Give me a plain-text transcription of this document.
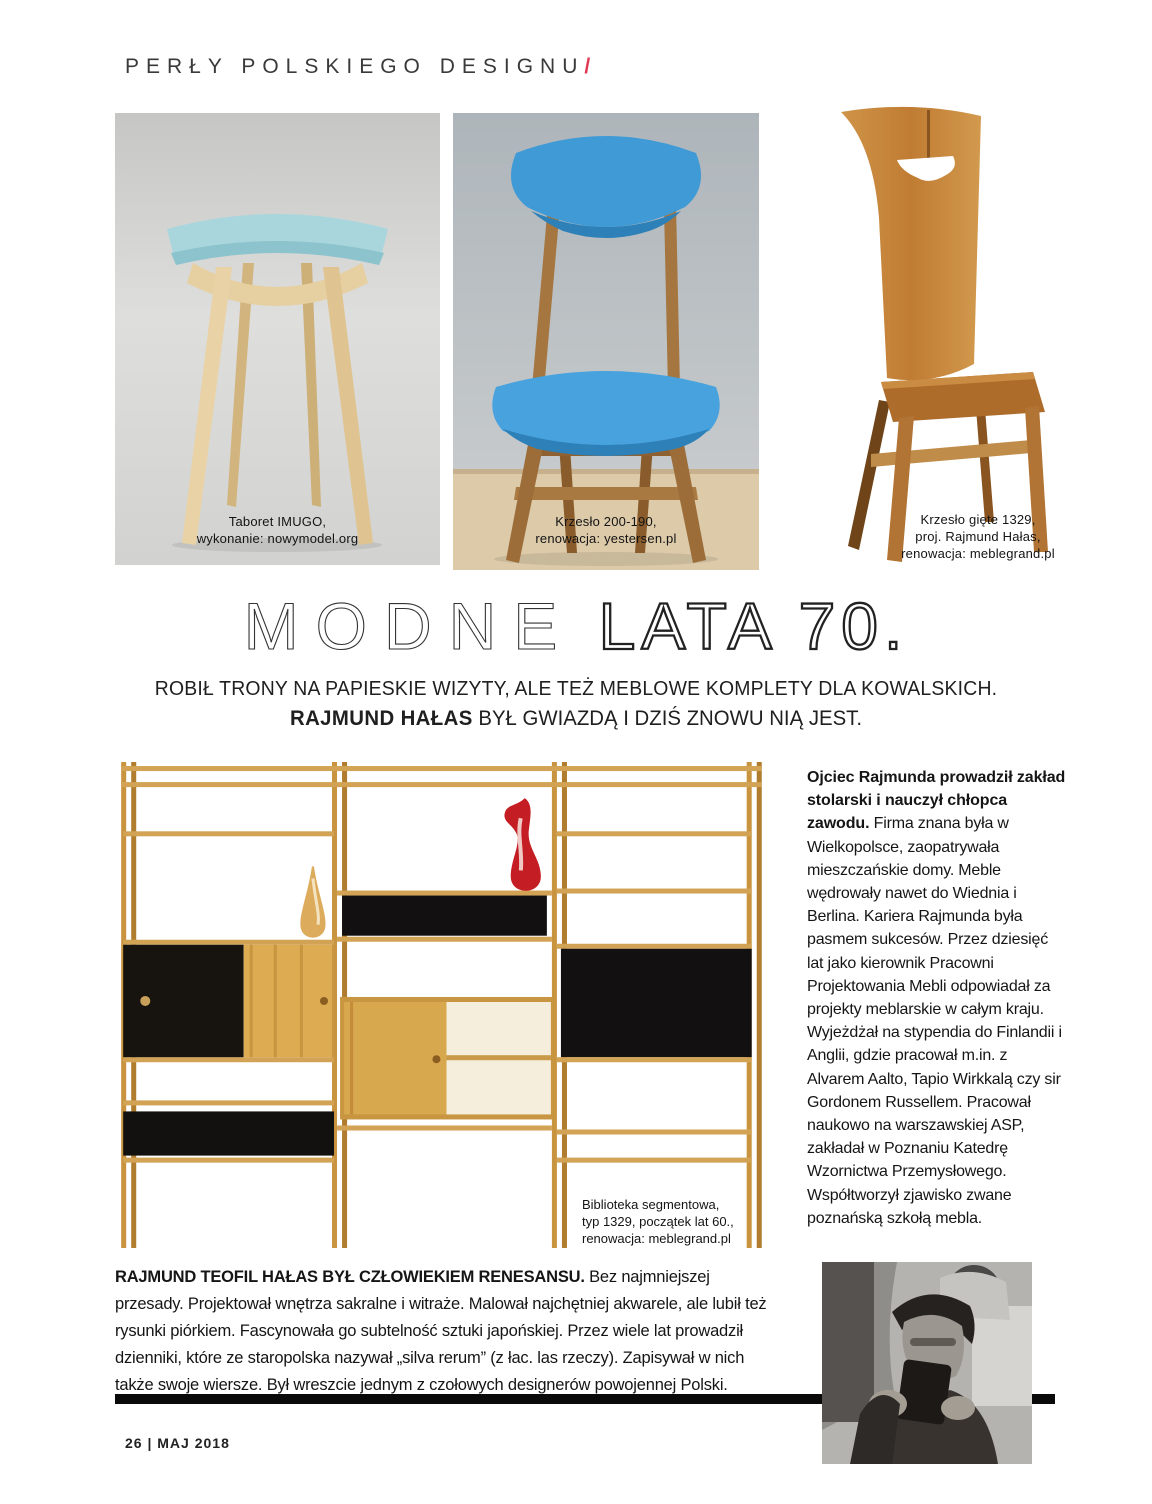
PERŁY POLSKIEGO DESIGNU/
Taboret IMUGO,
wykonanie: nowymodel.org
Krzesło 200-190,
renowacja: yestersen.pl
Krzesło gięte 1329,
proj. Rajmund Hałas,
renowacja: meblegrand.pl
MODNE LATA 70.
ROBIŁ TRONY NA PAPIESKIE WIZYTY, ALE TEŻ MEBLOWE KOMPLETY DLA KOWALSKICH.
RAJMUND HAŁAS BYŁ GWIAZDĄ I DZIŚ ZNOWU NIĄ JEST.
Biblioteka segmentowa,
typ 1329, początek lat 60.,
renowacja: meblegrand.pl
Ojciec Rajmunda prowadził zakład stolarski i nauczył chłopca zawodu. Firma znana była w Wielkopolsce, zaopatrywała mieszczańskie domy. Meble wędrowały nawet do Wiednia i Berlina. Kariera Rajmunda była pasmem sukcesów. Przez dziesięć lat jako kierownik Pracowni Projektowania Mebli odpowiadał za projekty meblarskie w całym kraju. Wyjeżdżał na stypendia do Finlandii i Anglii, gdzie pracował m.in. z Alvarem Aalto, Tapio Wirkkalą czy sir Gordonem Russellem. Pracował naukowo na warszawskiej ASP, zakładał w Poznaniu Katedrę Wzornictwa Przemysłowego. Współtworzył zjawisko zwane poznańską szkołą mebla.
RAJMUND TEOFIL HAŁAS BYŁ CZŁOWIEKIEM RENESANSU. Bez najmniejszej przesady. Projektował wnętrza sakralne i witraże. Malował najchętniej akwarele, ale lubił też rysunki piórkiem. Fascynowała go subtelność sztuki japońskiej. Przez wiele lat prowadził dzienniki, które ze staropolska nazywał „silva rerum” (z łac. las rzeczy). Zapisywał w nich także swoje wiersze. Był wreszcie jednym z czołowych designerów powojennej Polski.
26 | MAJ 2018
